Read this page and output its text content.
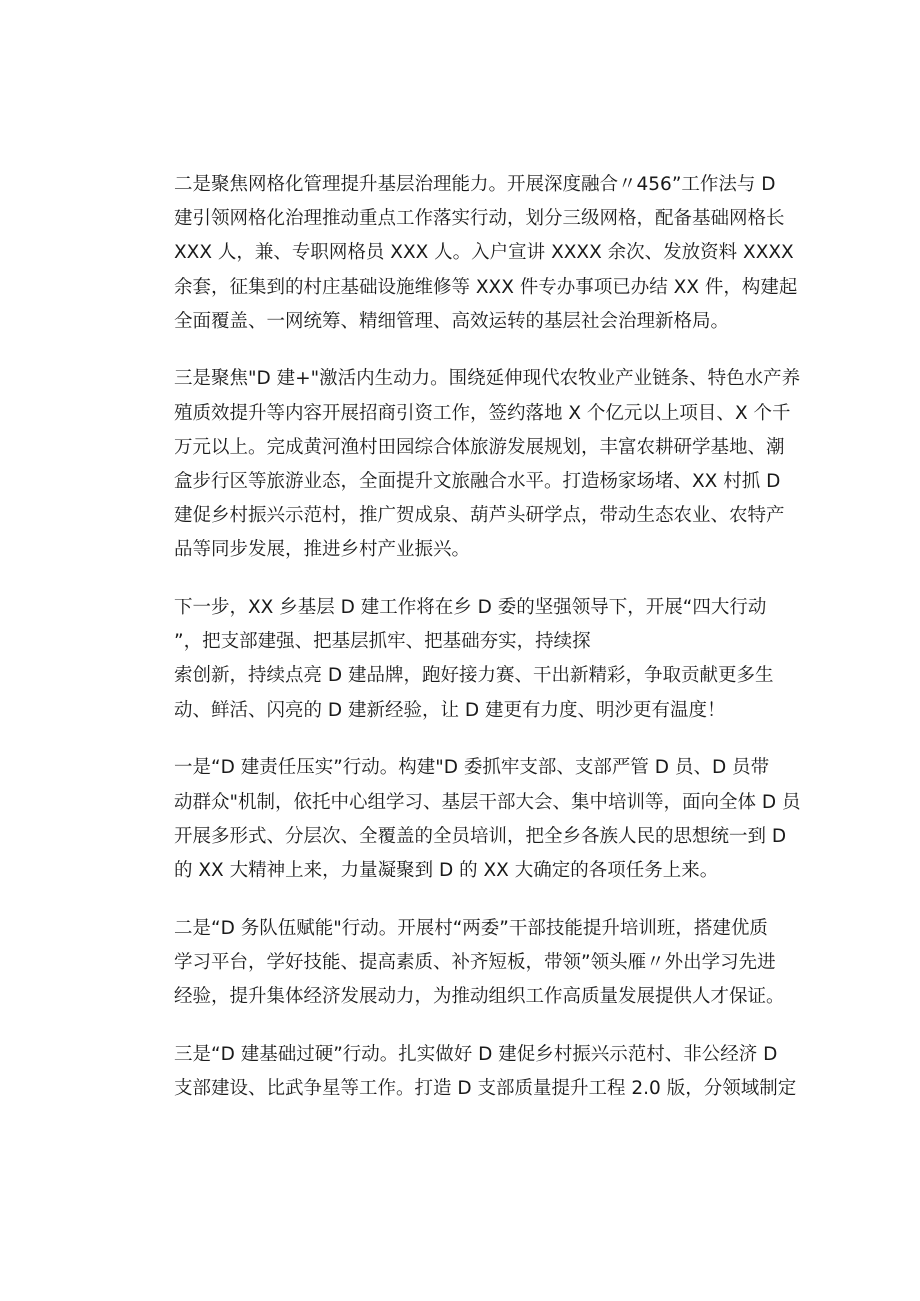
二是聚焦网格化管理提升基层治理能力。开展深度融合〃456”工作法与 D
建引领网格化治理推动重点工作落实行动，划分三级网格，配备基础网格长
XXX 人，兼、专职网格员 XXX 人。入户宣讲 XXXX 余次、发放资料 XXXX
余套，征集到的村庄基础设施维修等 XXX 件专办事项已办结 XX 件，构建起
全面覆盖、一网统筹、精细管理、高效运转的基层社会治理新格局。

三是聚焦"D 建+"激活内生动力。围绕延伸现代农牧业产业链条、特色水产养
殖质效提升等内容开展招商引资工作，签约落地 X 个亿元以上项目、X 个千
万元以上。完成黄河渔村田园综合体旅游发展规划，丰富农耕研学基地、潮
盒步行区等旅游业态，全面提升文旅融合水平。打造杨家场堵、XX 村抓 D
建促乡村振兴示范村，推广贺成泉、葫芦头研学点，带动生态农业、农特产
品等同步发展，推进乡村产业振兴。

下一步，XX 乡基层 D 建工作将在乡 D 委的坚强领导下，开展“四大行动
”，把支部建强、把基层抓牢、把基础夯实，持续探
索创新，持续点亮 D 建品牌，跑好接力赛、干出新精彩，争取贡献更多生
动、鲜活、闪亮的 D 建新经验，让 D 建更有力度、明沙更有温度！

一是“D 建责任压实”行动。构建"D 委抓牢支部、支部严管 D 员、D 员带
动群众"机制，依托中心组学习、基层干部大会、集中培训等，面向全体 D 员
开展多形式、分层次、全覆盖的全员培训，把全乡各族人民的思想统一到 D
的 XX 大精神上来，力量凝聚到 D 的 XX 大确定的各项任务上来。

二是“D 务队伍赋能"行动。开展村“两委”干部技能提升培训班，搭建优质
学习平台，学好技能、提高素质、补齐短板，带领”领头雁〃外出学习先进
经验，提升集体经济发展动力，为推动组织工作高质量发展提供人才保证。

三是“D 建基础过硬”行动。扎实做好 D 建促乡村振兴示范村、非公经济 D
支部建设、比武争星等工作。打造 D 支部质量提升工程 2.0 版，分领域制定
